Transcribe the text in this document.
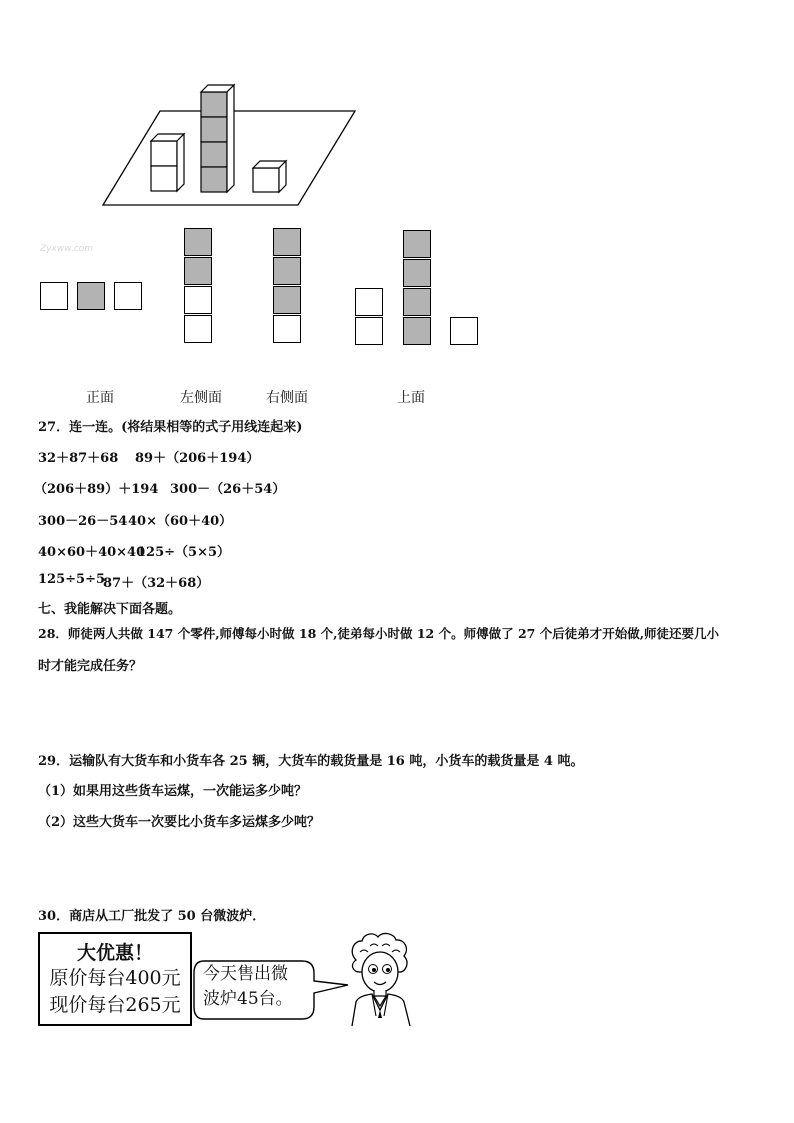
Zyxww.com
正面	左侧面	右侧面	上面
27．连一连。(将结果相等的式子用线连起来)
32＋87＋68 89＋（206＋194）
（206＋89）＋194 300－（26＋54）
300－26－54 40×（60＋40）
40×60＋40×40
125÷（5×5）
125÷5÷5
87＋（32＋68）
七、我能解决下面各题。
28．师徒两人共做 147 个零件,师傅每小时做 18 个,徒弟每小时做 12 个。师傅做了 27 个后徒弟才开始做,师徒还要几小
时才能完成任务？
29．运输队有大货车和小货车各 25 辆，大货车的载货量是 16 吨，小货车的载货量是 4 吨。
（1）如果用这些货车运煤，一次能运多少吨？
（2）这些大货车一次要比小货车多运煤多少吨？
30．商店从工厂批发了 50 台微波炉．
大优惠！
原价每台400元
现价每台265元
今天售出微
波炉45台。
